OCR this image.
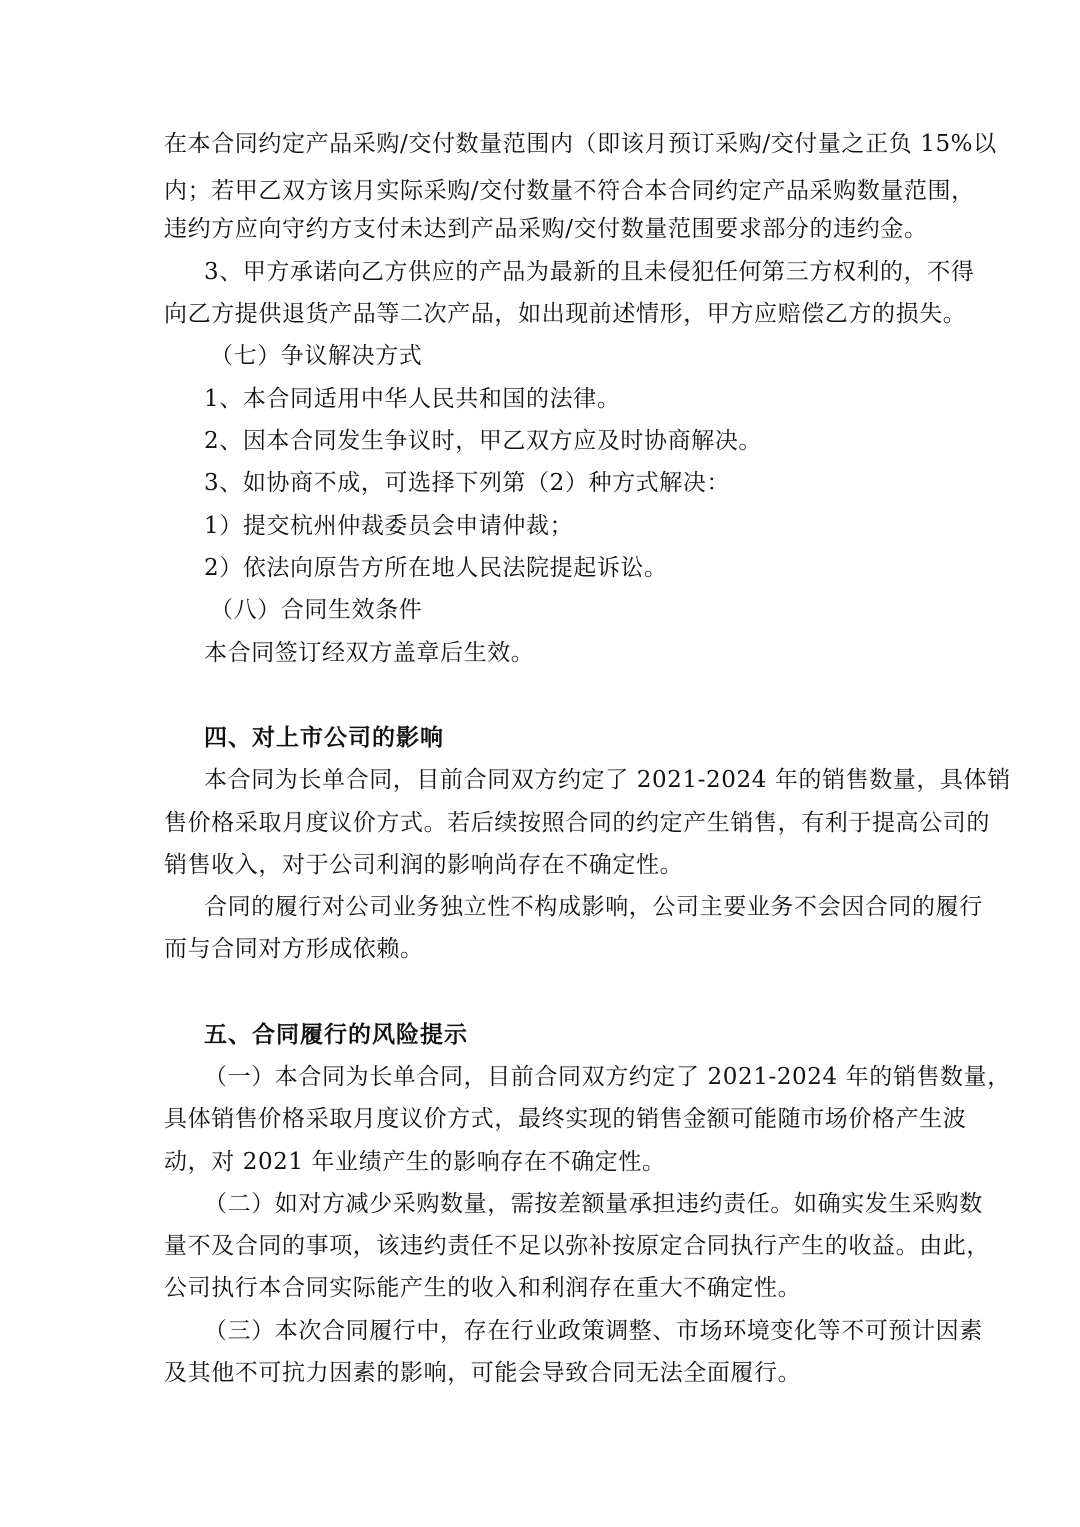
在本合同约定产品采购/交付数量范围内（即该月预订采购/交付量之正负 15%以

内；若甲乙双方该月实际采购/交付数量不符合本合同约定产品采购数量范围，

违约方应向守约方支付未达到产品采购/交付数量范围要求部分的违约金。

3、甲方承诺向乙方供应的产品为最新的且未侵犯任何第三方权利的，不得

向乙方提供退货产品等二次产品，如出现前述情形，甲方应赔偿乙方的损失。

（七）争议解决方式

1、本合同适用中华人民共和国的法律。

2、因本合同发生争议时，甲乙双方应及时协商解决。

3、如协商不成，可选择下列第（2）种方式解决：

1）提交杭州仲裁委员会申请仲裁；

2）依法向原告方所在地人民法院提起诉讼。

（八）合同生效条件

本合同签订经双方盖章后生效。

四、对上市公司的影响

本合同为长单合同，目前合同双方约定了 2021-2024 年的销售数量，具体销

售价格采取月度议价方式。若后续按照合同的约定产生销售，有利于提高公司的

销售收入，对于公司利润的影响尚存在不确定性。

合同的履行对公司业务独立性不构成影响，公司主要业务不会因合同的履行

而与合同对方形成依赖。

五、合同履行的风险提示

（一）本合同为长单合同，目前合同双方约定了 2021-2024 年的销售数量，

具体销售价格采取月度议价方式，最终实现的销售金额可能随市场价格产生波

动，对 2021 年业绩产生的影响存在不确定性。

（二）如对方减少采购数量，需按差额量承担违约责任。如确实发生采购数

量不及合同的事项，该违约责任不足以弥补按原定合同执行产生的收益。由此，

公司执行本合同实际能产生的收入和利润存在重大不确定性。

（三）本次合同履行中，存在行业政策调整、市场环境变化等不可预计因素

及其他不可抗力因素的影响，可能会导致合同无法全面履行。
